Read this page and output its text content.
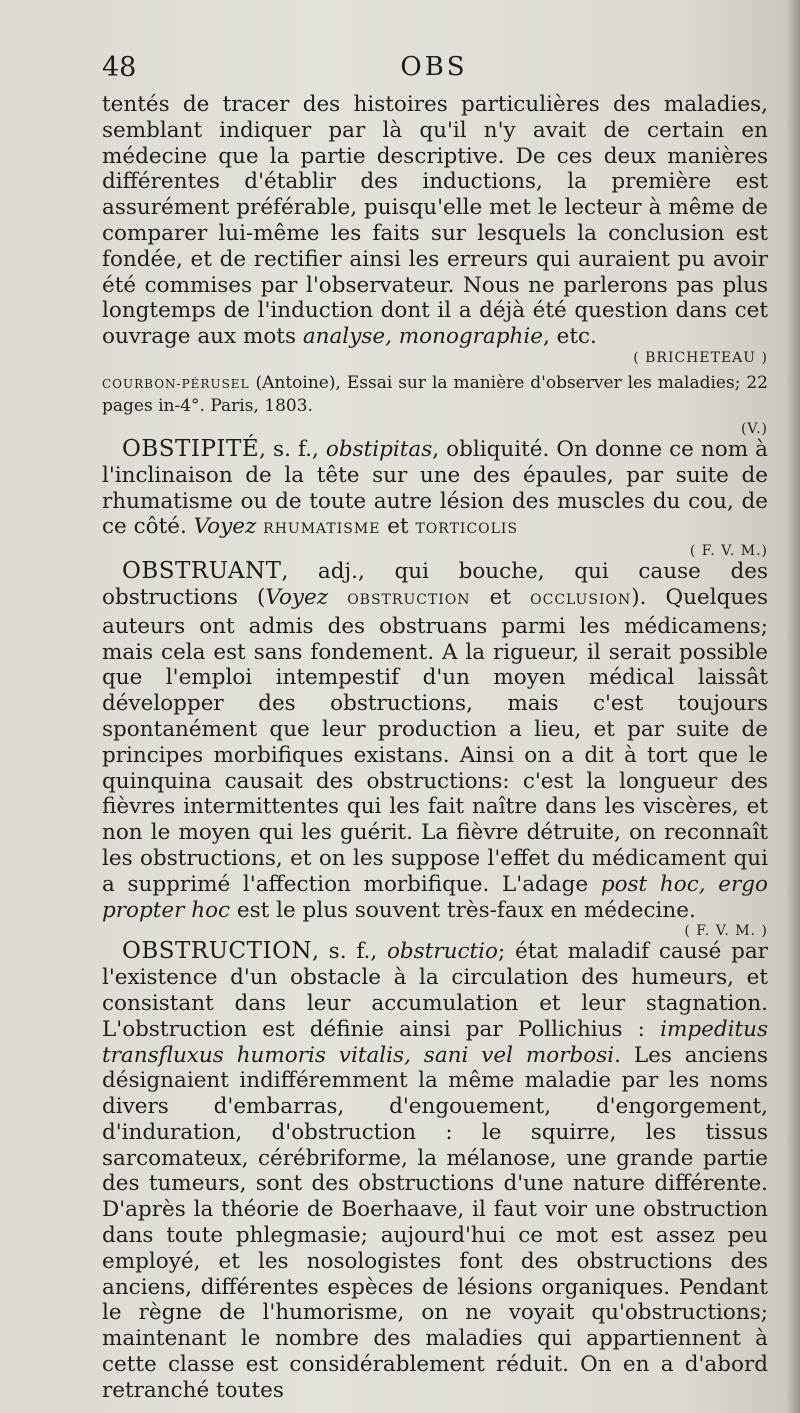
48	OBS

tentés de tracer des histoires particulières des maladies, semblant indiquer par là qu'il n'y avait de certain en médecine que la partie descriptive. De ces deux manières différentes d'établir des inductions, la première est assurément préférable, puisqu'elle met le lecteur à même de comparer lui-même les faits sur lesquels la conclusion est fondée, et de rectifier ainsi les erreurs qui auraient pu avoir été commises par l'observateur. Nous ne parlerons pas plus longtemps de l'induction dont il a déjà été question dans cet ouvrage aux mots analyse, monographie, etc.

( BRICHETEAU )

COURBON-PÉRUSEL (Antoine), Essai sur la manière d'observer les maladies; 22 pages in-4°. Paris, 1803.

(V.)

OBSTIPITÉ, s. f., obstipitas, obliquité. On donne ce nom à l'inclinaison de la tête sur une des épaules, par suite de rhumatisme ou de toute autre lésion des muscles du cou, de ce côté. Voyez RHUMATISME et TORTICOLIS

( F. V. M.)

OBSTRUANT, adj., qui bouche, qui cause des obstructions (Voyez OBSTRUCTION et OCCLUSION). Quelques auteurs ont admis des obstruans parmi les médicamens; mais cela est sans fondement. A la rigueur, il serait possible que l'emploi intempestif d'un moyen médical laissât développer des obstructions, mais c'est toujours spontanément que leur production a lieu, et par suite de principes morbifiques existans. Ainsi on a dit à tort que le quinquina causait des obstructions: c'est la longueur des fièvres intermittentes qui les fait naître dans les viscères, et non le moyen qui les guérit. La fièvre détruite, on reconnaît les obstructions, et on les suppose l'effet du médicament qui a supprimé l'affection morbifique. L'adage post hoc, ergo propter hoc est le plus souvent très-faux en médecine.

( F. V. M. )

OBSTRUCTION, s. f., obstructio; état maladif causé par l'existence d'un obstacle à la circulation des humeurs, et consistant dans leur accumulation et leur stagnation. L'obstruction est définie ainsi par Pollichius : impeditus transfluxus humoris vitalis, sani vel morbosi. Les anciens désignaient indifféremment la même maladie par les noms divers d'embarras, d'engouement, d'engorgement, d'induration, d'obstruction : le squirre, les tissus sarcomateux, cérébriforme, la mélanose, une grande partie des tumeurs, sont des obstructions d'une nature différente. D'après la théorie de Boerhaave, il faut voir une obstruction dans toute phlegmasie; aujourd'hui ce mot est assez peu employé, et les nosologistes font des obstructions des anciens, différentes espèces de lésions organiques. Pendant le règne de l'humorisme, on ne voyait qu'obstructions; maintenant le nombre des maladies qui appartiennent à cette classe est considérablement réduit. On en a d'abord retranché toutes
